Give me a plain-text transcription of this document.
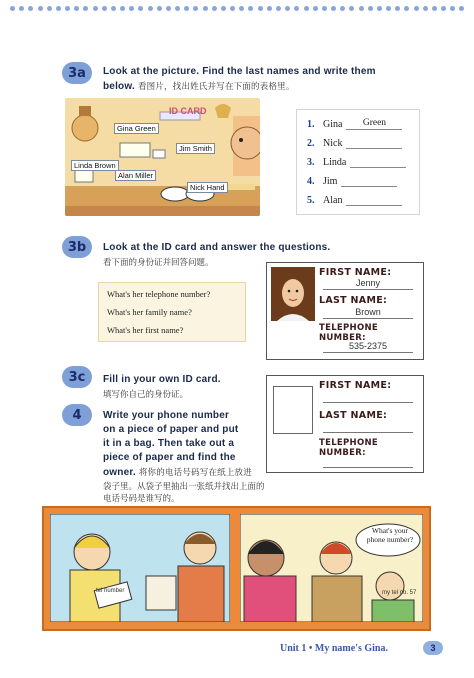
3a	Look at the picture. Find the last names and write them
below. 看图片，找出姓氏并写在下面的表格里。
ID CARD
Gina Green
Jim Smith
Linda Brown
Alan Miller
Nick Hand
1. Gina	Green
2. Nick
3. Linda
4. Jim
5. Alan
3b	Look at the ID card and answer the questions.
看下面的身份证并回答问题。
What's her telephone number?
What's her family name?
What's her first name?
FIRST NAME:
Jenny
LAST NAME:
Brown
TELEPHONE NUMBER:
535-2375
3c	Fill in your own ID card.
填写你自己的身份证。
FIRST NAME:
LAST NAME:
TELEPHONE NUMBER:
4	Write your phone number
on a piece of paper and put
it in a bag. Then take out a
piece of paper and find the
owner. 将你的电话号码写在纸上放进
袋子里。从袋子里抽出一张纸并找出上面的
电话号码是谁写的。
tel number
What's your phone number?
my tel no. 57
Unit 1 • My name's Gina.	3
